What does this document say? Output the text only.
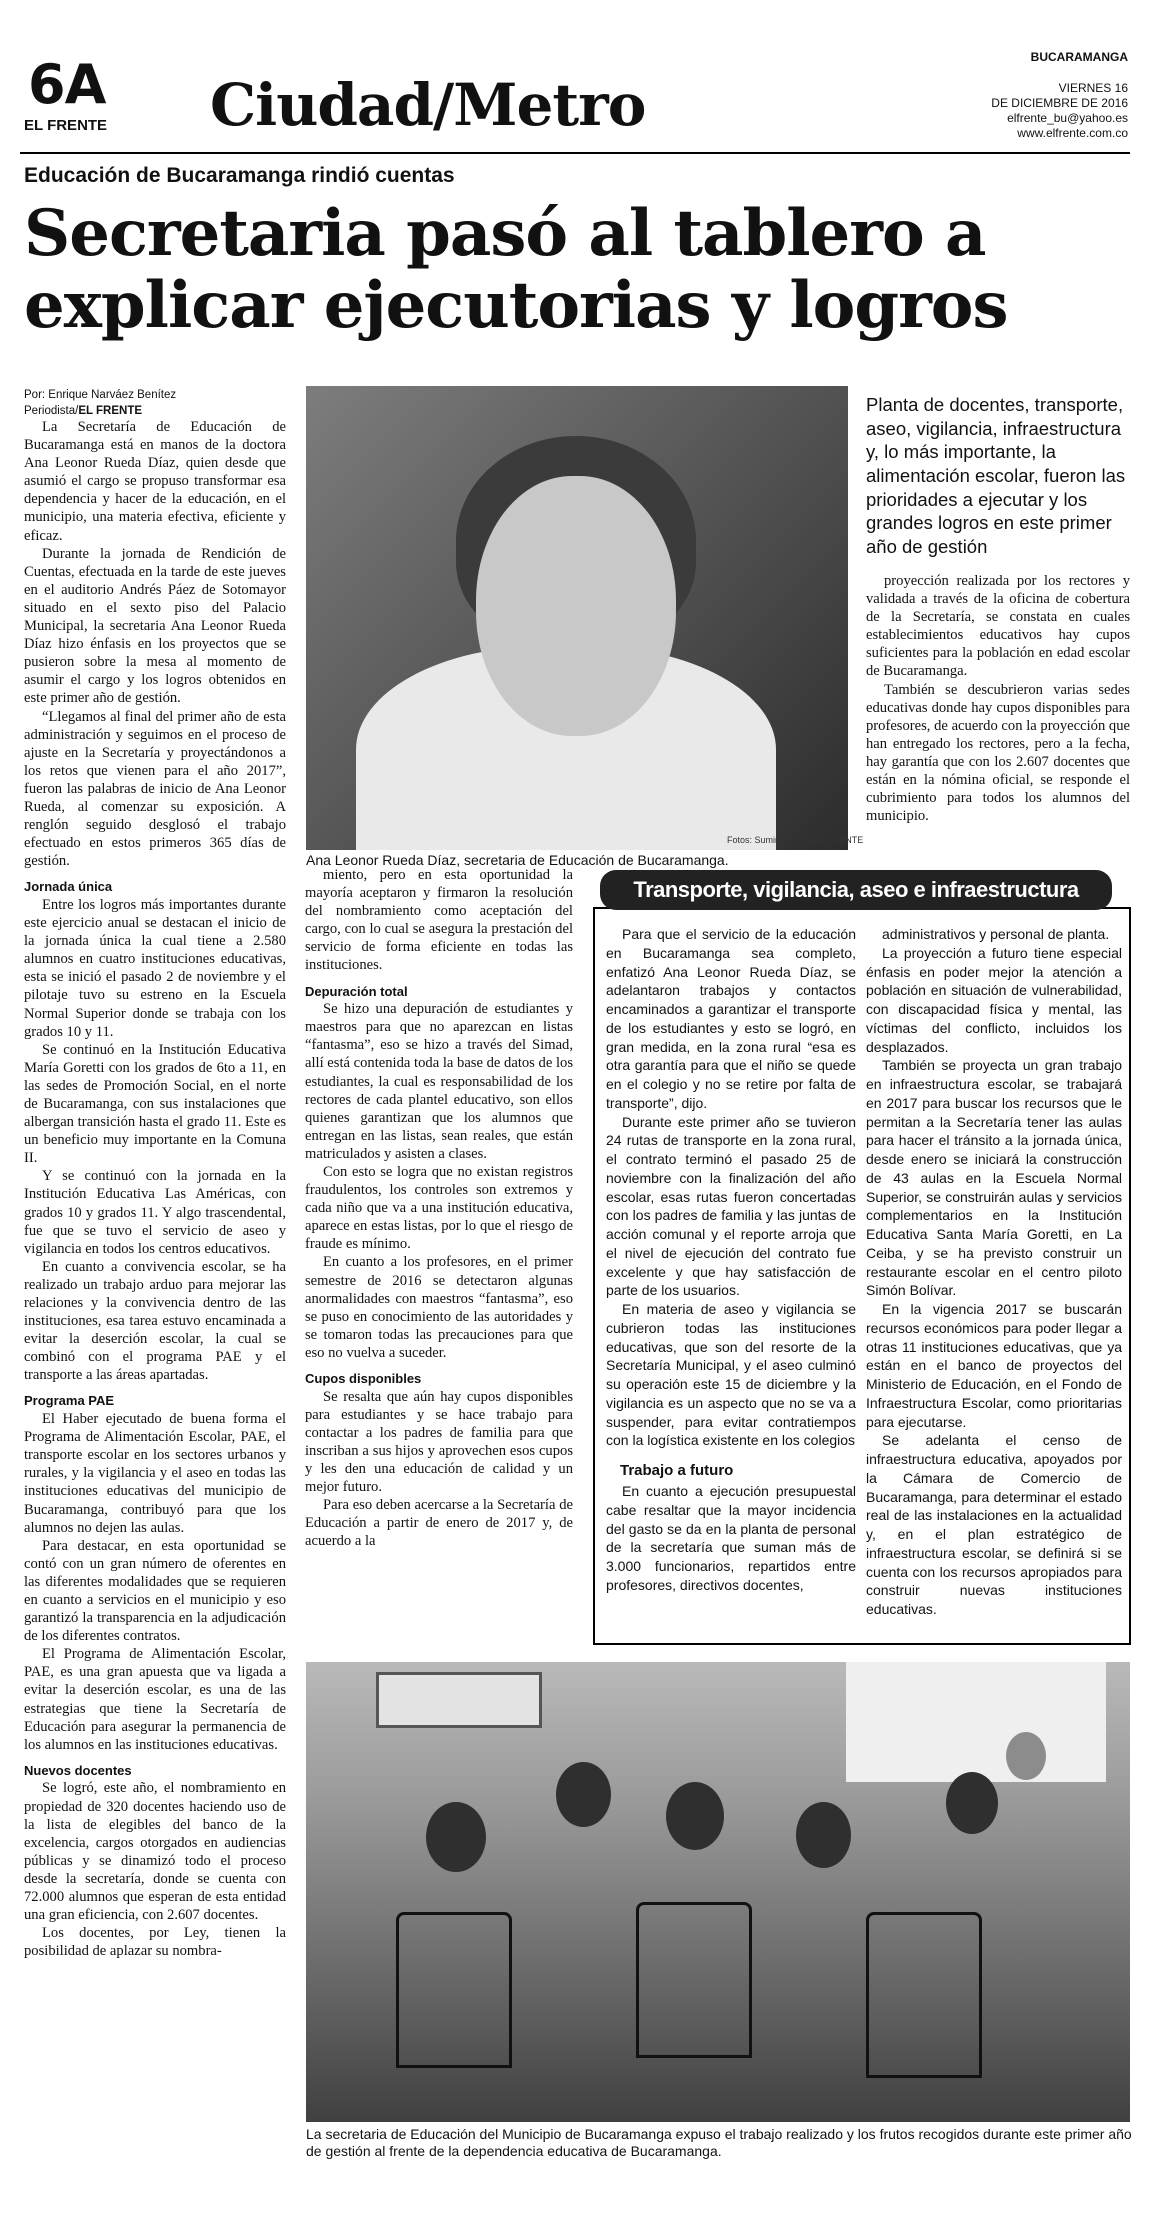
6A
EL FRENTE Ciudad/Metro
BUCARAMANGA
VIERNES 16
DE DICIEMBRE DE 2016
elfrente_bu@yahoo.es
www.elfrente.com.co
Educación de Bucaramanga rindió cuentas
Secretaria pasó al tablero a explicar ejecutorias y logros
Por: Enrique Narváez Benítez
Periodista/EL FRENTE

La Secretaría de Educación de Bucaramanga está en manos de la doctora Ana Leonor Rueda Díaz, quien desde que asumió el cargo se propuso transformar esa dependencia y hacer de la educación, en el municipio, una materia efectiva, eficiente y eficaz.

Durante la jornada de Rendición de Cuentas, efectuada en la tarde de este jueves en el auditorio Andrés Páez de Sotomayor situado en el sexto piso del Palacio Municipal, la secretaria Ana Leonor Rueda Díaz hizo énfasis en los proyectos que se pusieron sobre la mesa al momento de asumir el cargo y los logros obtenidos en este primer año de gestión.

“Llegamos al final del primer año de esta administración y seguimos en el proceso de ajuste en la Secretaría y proyectándonos a los retos que vienen para el año 2017”, fueron las palabras de inicio de Ana Leonor Rueda, al comenzar su exposición. A renglón seguido desglosó el trabajo efectuado en estos primeros 365 días de gestión.

Jornada única

Entre los logros más importantes durante este ejercicio anual se destacan el inicio de la jornada única la cual tiene a 2.580 alumnos en cuatro instituciones educativas, esta se inició el pasado 2 de noviembre y el pilotaje tuvo su estreno en la Escuela Normal Superior donde se trabaja con los grados 10 y 11.

Se continuó en la Institución Educativa María Goretti con los grados de 6to a 11, en las sedes de Promoción Social, en el norte de Bucaramanga, con sus instalaciones que albergan transición hasta el grado 11. Este es un beneficio muy importante en la Comuna II.

Y se continuó con la jornada en la Institución Educativa Las Américas, con grados 10 y grados 11. Y algo trascendental, fue que se tuvo el servicio de aseo y vigilancia en todos los centros educativos.

En cuanto a convivencia escolar, se ha realizado un trabajo arduo para mejorar las relaciones y la convivencia dentro de las instituciones, esa tarea estuvo encaminada a evitar la deserción escolar, la cual se combinó con el programa PAE y el transporte a las áreas apartadas.

Programa PAE

El Haber ejecutado de buena forma el Programa de Alimentación Escolar, PAE, el transporte escolar en los sectores urbanos y rurales, y la vigilancia y el aseo en todas las instituciones educativas del municipio de Bucaramanga, contribuyó para que los alumnos no dejen las aulas.

Para destacar, en esta oportunidad se contó con un gran número de oferentes en las diferentes modalidades que se requieren en cuanto a servicios en el municipio y eso garantizó la transparencia en la adjudicación de los diferentes contratos.

El Programa de Alimentación Escolar, PAE, es una gran apuesta que va ligada a evitar la deserción escolar, es una de las estrategias que tiene la Secretaría de Educación para asegurar la permanencia de los alumnos en las instituciones educativas.

Nuevos docentes

Se logró, este año, el nombramiento en propiedad de 320 docentes haciendo uso de la lista de elegibles del banco de la excelencia, cargos otorgados en audiencias públicas y se dinamizó todo el proceso desde la secretaría, donde se cuenta con 72.000 alumnos que esperan de esta entidad una gran eficiencia, con 2.607 docentes.

Los docentes, por Ley, tienen la posibilidad de aplazar su nombra-

miento, pero en esta oportunidad la mayoría aceptaron y firmaron la resolución del nombramiento como aceptación del cargo, con lo cual se asegura la prestación del servicio de forma eficiente en todas las instituciones.

Depuración total

Se hizo una depuración de estudiantes y maestros para que no aparezcan en listas “fantasma”, eso se hizo a través del Simad, allí está contenida toda la base de datos de los estudiantes, la cual es responsabilidad de los rectores de cada plantel educativo, son ellos quienes garantizan que los alumnos que entregan en las listas, sean reales, que están matriculados y asisten a clases.

Con esto se logra que no existan registros fraudulentos, los controles son extremos y cada niño que va a una institución educativa, aparece en estas listas, por lo que el riesgo de fraude es mínimo.

En cuanto a los profesores, en el primer semestre de 2016 se detectaron algunas anormalidades con maestros “fantasma”, eso se puso en conocimiento de las autoridades y se tomaron todas las precauciones para que eso no vuelva a suceder.

Cupos disponibles

Se resalta que aún hay cupos disponibles para estudiantes y se hace trabajo para contactar a los padres de familia para que inscriban a sus hijos y aprovechen esos cupos y les den una educación de calidad y un mejor futuro.

Para eso deben acercarse a la Secretaría de Educación a partir de enero de 2017 y, de acuerdo a la

Fotos: Suministradas/EL FRENTE
Ana Leonor Rueda Díaz, secretaria de Educación de Bucaramanga.
Planta de docentes, transporte, aseo, vigilancia, infraestructura y, lo más importante, la alimentación escolar, fueron las prioridades a ejecutar y los grandes logros en este primer año de gestión

proyección realizada por los rectores y validada a través de la oficina de cobertura de la Secretaría, se constata en cuales establecimientos educativos hay cupos suficientes para la población en edad escolar de Bucaramanga.

También se descubrieron varias sedes educativas donde hay cupos disponibles para profesores, de acuerdo con la proyección que han entregado los rectores, pero a la fecha, hay garantía que con los 2.607 docentes que están en la nómina oficial, se responde el cubrimiento para todos los alumnos del municipio.

Transporte, vigilancia, aseo e infraestructura

Para que el servicio de la educación en Bucaramanga sea completo, enfatizó Ana Leonor Rueda Díaz, se adelantaron trabajos y contactos encaminados a garantizar el transporte de los estudiantes y esto se logró, en gran medida, en la zona rural “esa es otra garantía para que el niño se quede en el colegio y no se retire por falta de transporte”, dijo.

Durante este primer año se tuvieron 24 rutas de transporte en la zona rural, el contrato terminó el pasado 25 de noviembre con la finalización del año escolar, esas rutas fueron concertadas con los padres de familia y las juntas de acción comunal y el reporte arroja que el nivel de ejecución del contrato fue excelente y que hay satisfacción de parte de los usuarios.

En materia de aseo y vigilancia se cubrieron todas las instituciones educativas, que son del resorte de la Secretaría Municipal, y el aseo culminó su operación este 15 de diciembre y la vigilancia es un aspecto que no se va a suspender, para evitar contratiempos con la logística existente en los colegios

Trabajo a futuro

En cuanto a ejecución presupuestal cabe resaltar que la mayor incidencia del gasto se da en la planta de personal de la secretaría que suman más de 3.000 funcionarios, repartidos entre profesores, directivos docentes,

administrativos y personal de planta.

La proyección a futuro tiene especial énfasis en poder mejor la atención a población en situación de vulnerabilidad, con discapacidad física y mental, las víctimas del conflicto, incluidos los desplazados.

También se proyecta un gran trabajo en infraestructura escolar, se trabajará en 2017 para buscar los recursos que le permitan a la Secretaría tener las aulas para hacer el tránsito a la jornada única, desde enero se iniciará la construcción de 43 aulas en la Escuela Normal Superior, se construirán aulas y servicios complementarios en la Institución Educativa Santa María Goretti, en La Ceiba, y se ha previsto construir un restaurante escolar en el centro piloto Simón Bolívar.

En la vigencia 2017 se buscarán recursos económicos para poder llegar a otras 11 instituciones educativas, que ya están en el banco de proyectos del Ministerio de Educación, en el Fondo de Infraestructura Escolar, como prioritarias para ejecutarse.

Se adelanta el censo de infraestructura educativa, apoyados por la Cámara de Comercio de Bucaramanga, para determinar el estado real de las instalaciones en la actualidad y, en el plan estratégico de infraestructura escolar, se definirá si se cuenta con los recursos apropiados para construir nuevas instituciones educativas.

La secretaria de Educación del Municipio de Bucaramanga expuso el trabajo realizado y los frutos recogidos durante este primer año de gestión al frente de la dependencia educativa de Bucaramanga.
